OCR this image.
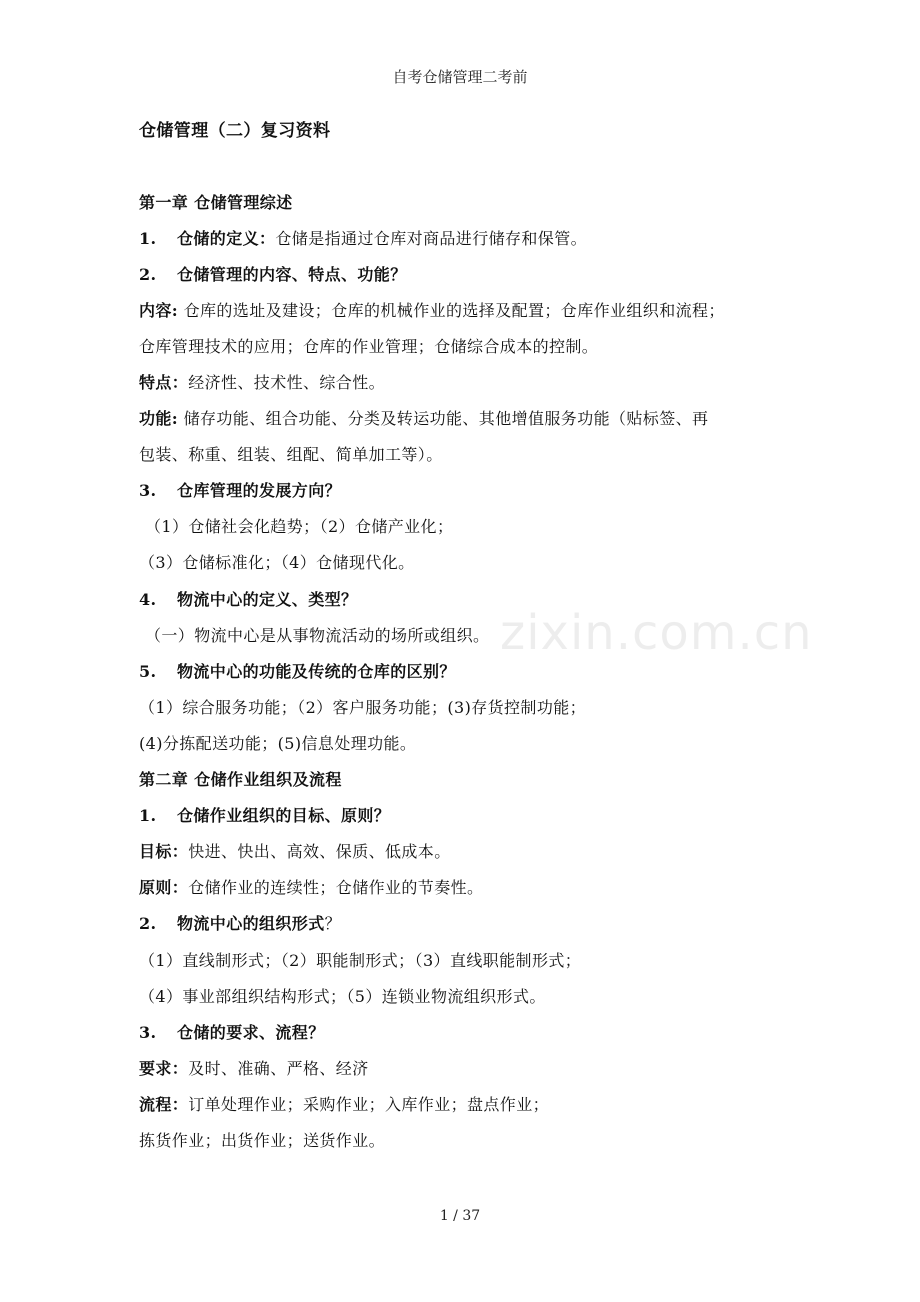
自考仓储管理二考前
zixin.com.cn
仓储管理（二）复习资料
第一章 仓储管理综述
1. 仓储的定义：仓储是指通过仓库对商品进行储存和保管。
2. 仓储管理的内容、特点、功能？
内容: 仓库的选址及建设；仓库的机械作业的选择及配置；仓库作业组织和流程；
仓库管理技术的应用；仓库的作业管理；仓储综合成本的控制。
特点：经济性、技术性、综合性。
功能: 储存功能、组合功能、分类及转运功能、其他增值服务功能（贴标签、再
包装、称重、组装、组配、简单加工等）。
3. 仓库管理的发展方向？
（1）仓储社会化趋势；（2）仓储产业化；
（3）仓储标准化；（4）仓储现代化。
4. 物流中心的定义、类型？
（一）物流中心是从事物流活动的场所或组织。
5. 物流中心的功能及传统的仓库的区别？
（1）综合服务功能；（2）客户服务功能；(3)存货控制功能；
(4)分拣配送功能；(5)信息处理功能。
第二章 仓储作业组织及流程
1. 仓储作业组织的目标、原则？
目标：快进、快出、高效、保质、低成本。
原则：仓储作业的连续性；仓储作业的节奏性。
2. 物流中心的组织形式？
（1）直线制形式；（2）职能制形式；（3）直线职能制形式；
（4）事业部组织结构形式；（5）连锁业物流组织形式。
3. 仓储的要求、流程？
要求：及时、准确、严格、经济
流程：订单处理作业；采购作业；入库作业；盘点作业；
拣货作业；出货作业；送货作业。
1 / 37
